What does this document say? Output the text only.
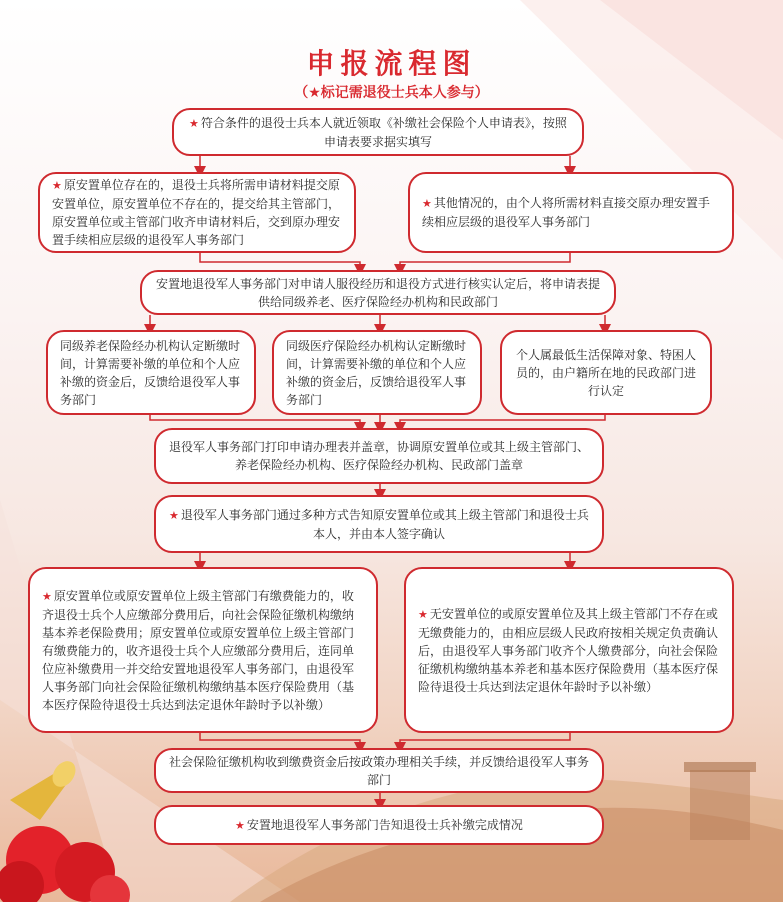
申报流程图
（★标记需退役士兵本人参与）
★ 符合条件的退役士兵本人就近领取《补缴社会保险个人申请表》，按照申请表要求据实填写
★ 原安置单位存在的，退役士兵将所需申请材料提交原安置单位，原安置单位不存在的，提交给其主管部门，原安置单位或主管部门收齐申请材料后，交到原办理安置手续相应层级的退役军人事务部门
★ 其他情况的，由个人将所需材料直接交原办理安置手续相应层级的退役军人事务部门
安置地退役军人事务部门对申请人服役经历和退役方式进行核实认定后，将申请表提供给同级养老、医疗保险经办机构和民政部门
同级养老保险经办机构认定断缴时间，计算需要补缴的单位和个人应补缴的资金后，反馈给退役军人事务部门
同级医疗保险经办机构认定断缴时间，计算需要补缴的单位和个人应补缴的资金后，反馈给退役军人事务部门
个人属最低生活保障对象、特困人员的，由户籍所在地的民政部门进行认定
退役军人事务部门打印申请办理表并盖章，协调原安置单位或其上级主管部门、养老保险经办机构、医疗保险经办机构、民政部门盖章
★ 退役军人事务部门通过多种方式告知原安置单位或其上级主管部门和退役士兵本人，并由本人签字确认
★ 原安置单位或原安置单位上级主管部门有缴费能力的，收齐退役士兵个人应缴部分费用后，向社会保险征缴机构缴纳基本养老保险费用；原安置单位或原安置单位上级主管部门有缴费能力的，收齐退役士兵个人应缴部分费用后，连同单位应补缴费用一并交给安置地退役军人事务部门，由退役军人事务部门向社会保险征缴机构缴纳基本医疗保险费用（基本医疗保险待退役士兵达到法定退休年龄时予以补缴）
★ 无安置单位的或原安置单位及其上级主管部门不存在或无缴费能力的，由相应层级人民政府按相关规定负责确认后，由退役军人事务部门收齐个人缴费部分，向社会保险征缴机构缴纳基本养老和基本医疗保险费用（基本医疗保险待退役士兵达到法定退休年龄时予以补缴）
社会保险征缴机构收到缴费资金后按政策办理相关手续，并反馈给退役军人事务部门
★ 安置地退役军人事务部门告知退役士兵补缴完成情况
